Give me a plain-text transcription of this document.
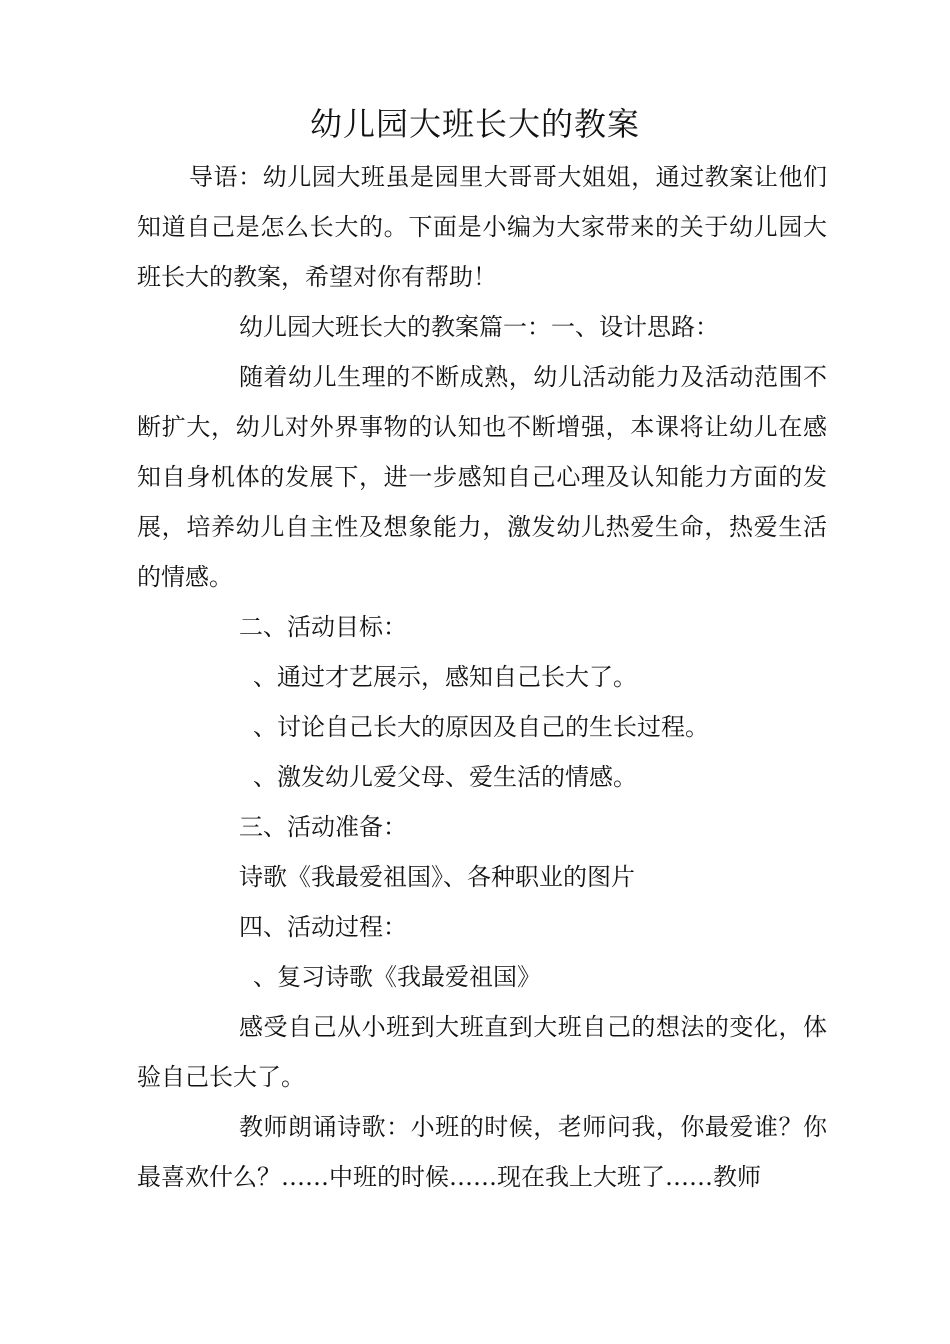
幼儿园大班长大的教案

导语：幼儿园大班虽是园里大哥哥大姐姐，通过教案让他们知道自己是怎么长大的。下面是小编为大家带来的关于幼儿园大班长大的教案，希望对你有帮助！

幼儿园大班长大的教案篇一：一、设计思路：

随着幼儿生理的不断成熟，幼儿活动能力及活动范围不断扩大，幼儿对外界事物的认知也不断增强，本课将让幼儿在感知自身机体的发展下，进一步感知自己心理及认知能力方面的发展，培养幼儿自主性及想象能力，激发幼儿热爱生命，热爱生活的情感。

二、活动目标：

、通过才艺展示，感知自己长大了。

、讨论自己长大的原因及自己的生长过程。

、激发幼儿爱父母、爱生活的情感。

三、活动准备：

诗歌《我最爱祖国》、各种职业的图片

四、活动过程：

、复习诗歌《我最爱祖国》

感受自己从小班到大班直到大班自己的想法的变化，体验自己长大了。

教师朗诵诗歌：小班的时候，老师问我，你最爱谁？你最喜欢什么？……中班的时候……现在我上大班了……教师
